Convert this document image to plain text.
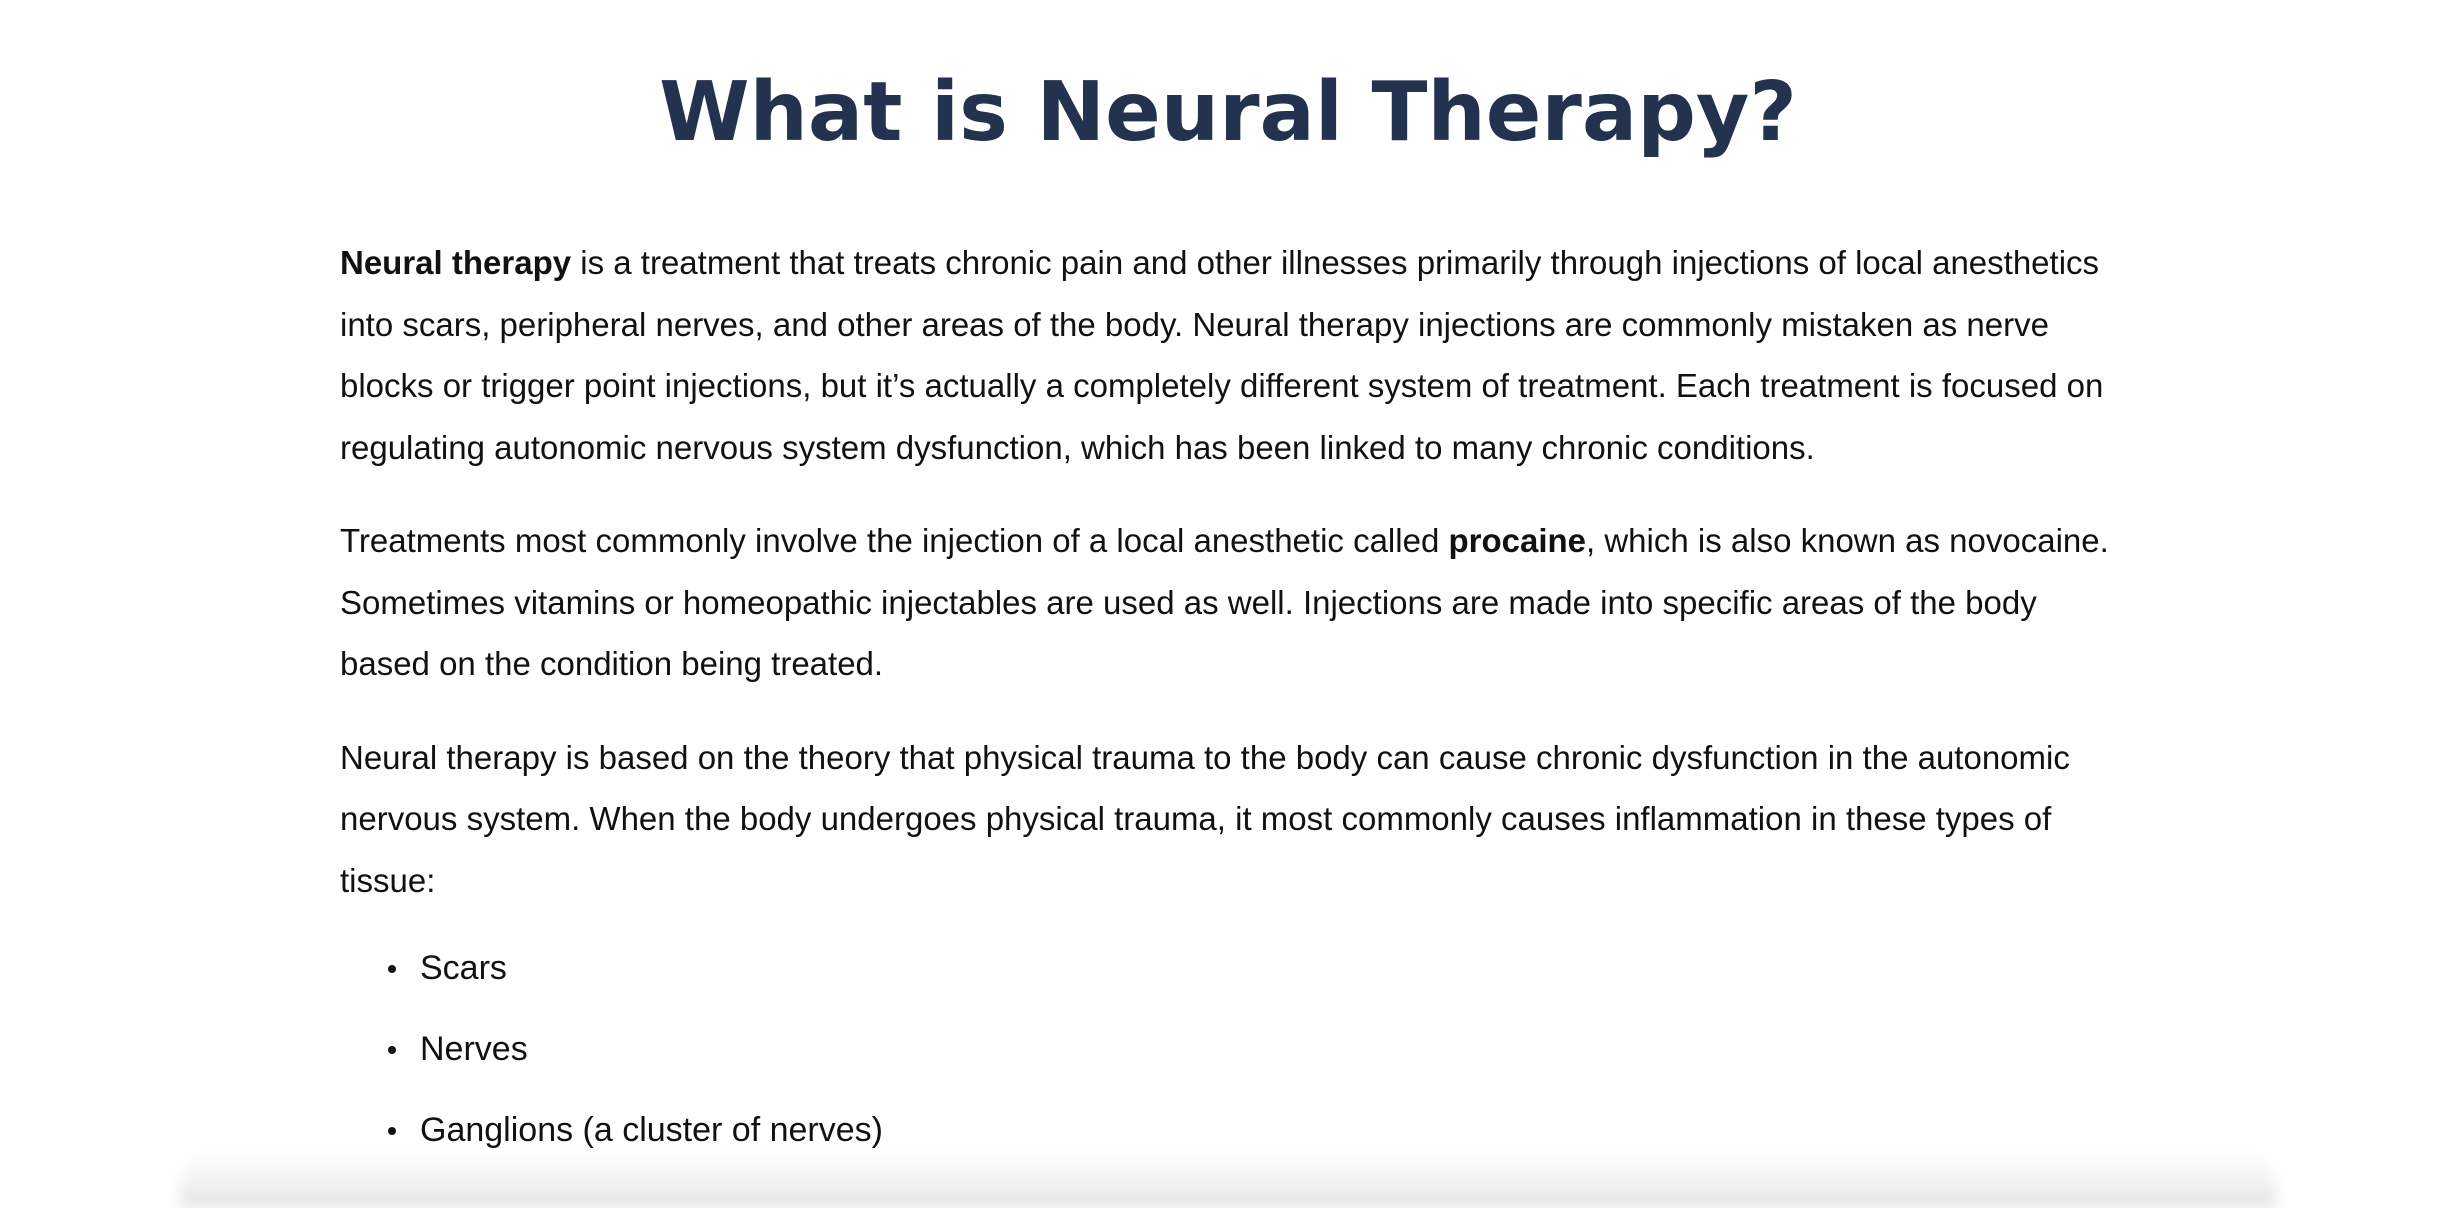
What is Neural Therapy?

Neural therapy is a treatment that treats chronic pain and other illnesses primarily through injections of local anesthetics into scars, peripheral nerves, and other areas of the body. Neural therapy injections are commonly mistaken as nerve blocks or trigger point injections, but it’s actually a completely different system of treatment. Each treatment is focused on regulating autonomic nervous system dysfunction, which has been linked to many chronic conditions.

Treatments most commonly involve the injection of a local anesthetic called procaine, which is also known as novocaine. Sometimes vitamins or homeopathic injectables are used as well. Injections are made into specific areas of the body based on the condition being treated.

Neural therapy is based on the theory that physical trauma to the body can cause chronic dysfunction in the autonomic nervous system. When the body undergoes physical trauma, it most commonly causes inflammation in these types of tissue:

Scars
Nerves
Ganglions (a cluster of nerves)
